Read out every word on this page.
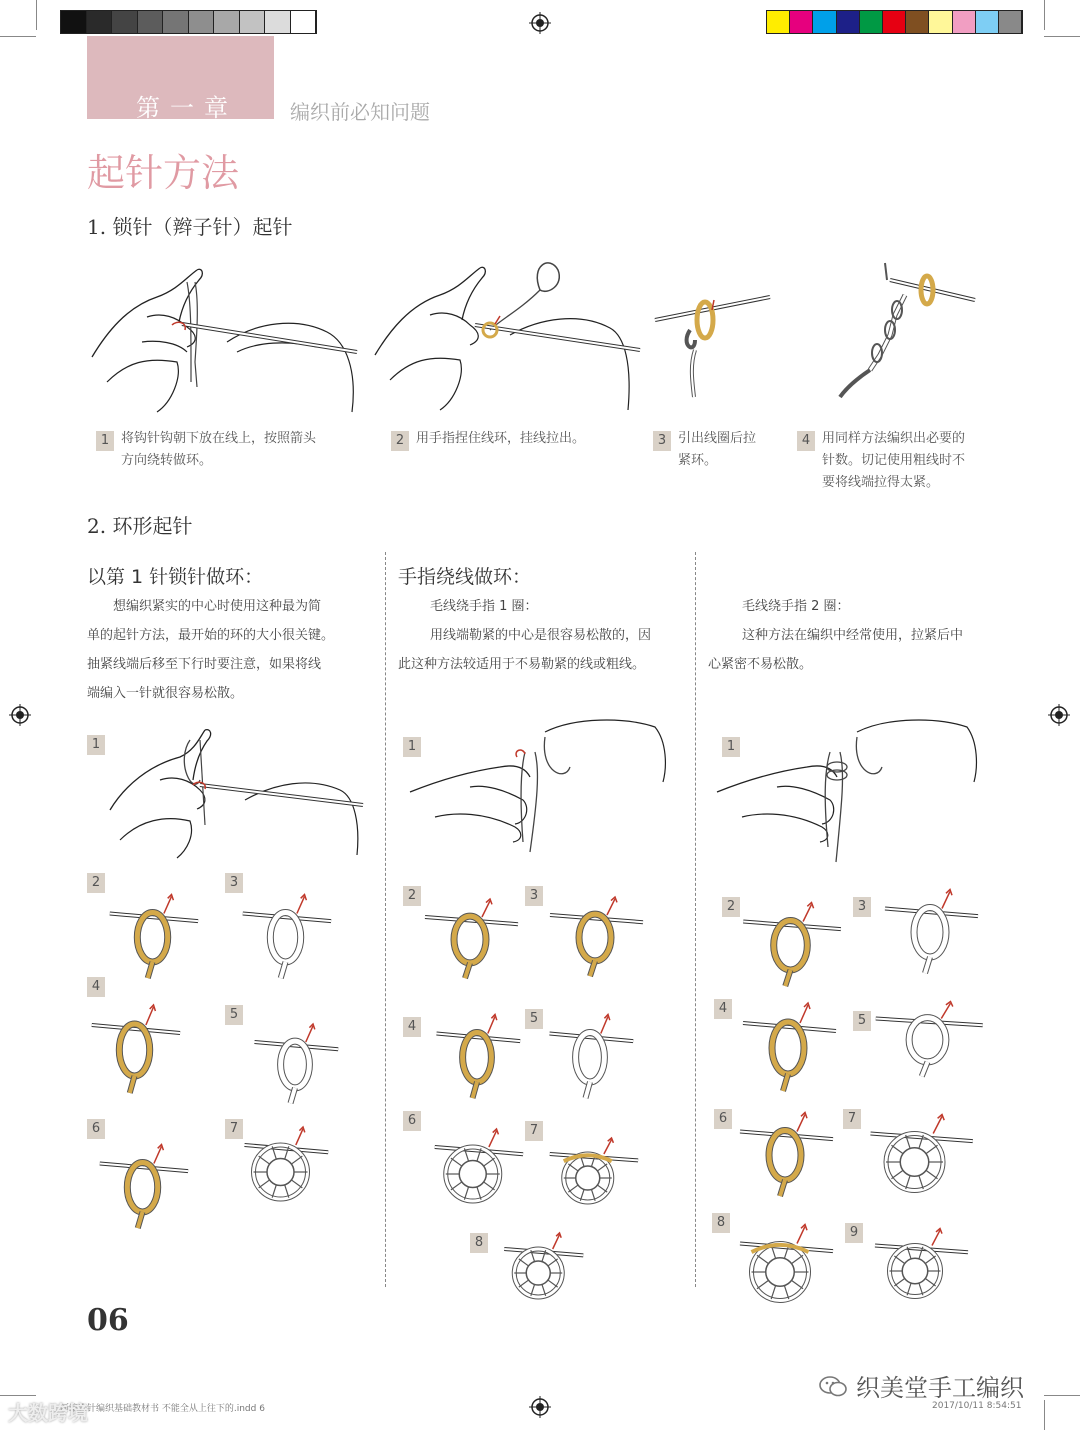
第一章	编织前必知问题
起针方法
1. 锁针（辫子针）起针
1 将钩针钩朝下放在线上，按照箭头
方向绕转做环。
2 用手指捏住线环，挂线拉出。	3 引出线圈后拉
紧环。
4 用同样方法编织出必要的
针数。切记使用粗线时不
要将线端拉得太紧。
2. 环形起针
以第 1 针锁针做环：
想编织紧实的中心时使用这种最为简
单的起针方法，最开始的环的大小很关键。
抽紧线端后移至下行时要注意，如果将线
端编入一针就很容易松散。
手指绕线做环：
毛线绕手指 1 圈：
用线端勒紧的中心是很容易松散的，因
此这种方法较适用于不易勒紧的线或粗线。
毛线绕手指 2 圈：
这种方法在编织中经常使用，拉紧后中
心紧密不易松散。
1
2	3
4
5
6	7
1
2	3
4
5
6
7
8
1
2	3
4
5
6	7
8
9
06
新编钩针编织基础教材书 不能全从上往下的.indd 6	2017/10/11 8:54:51
大数跨境
织美堂手工编织
